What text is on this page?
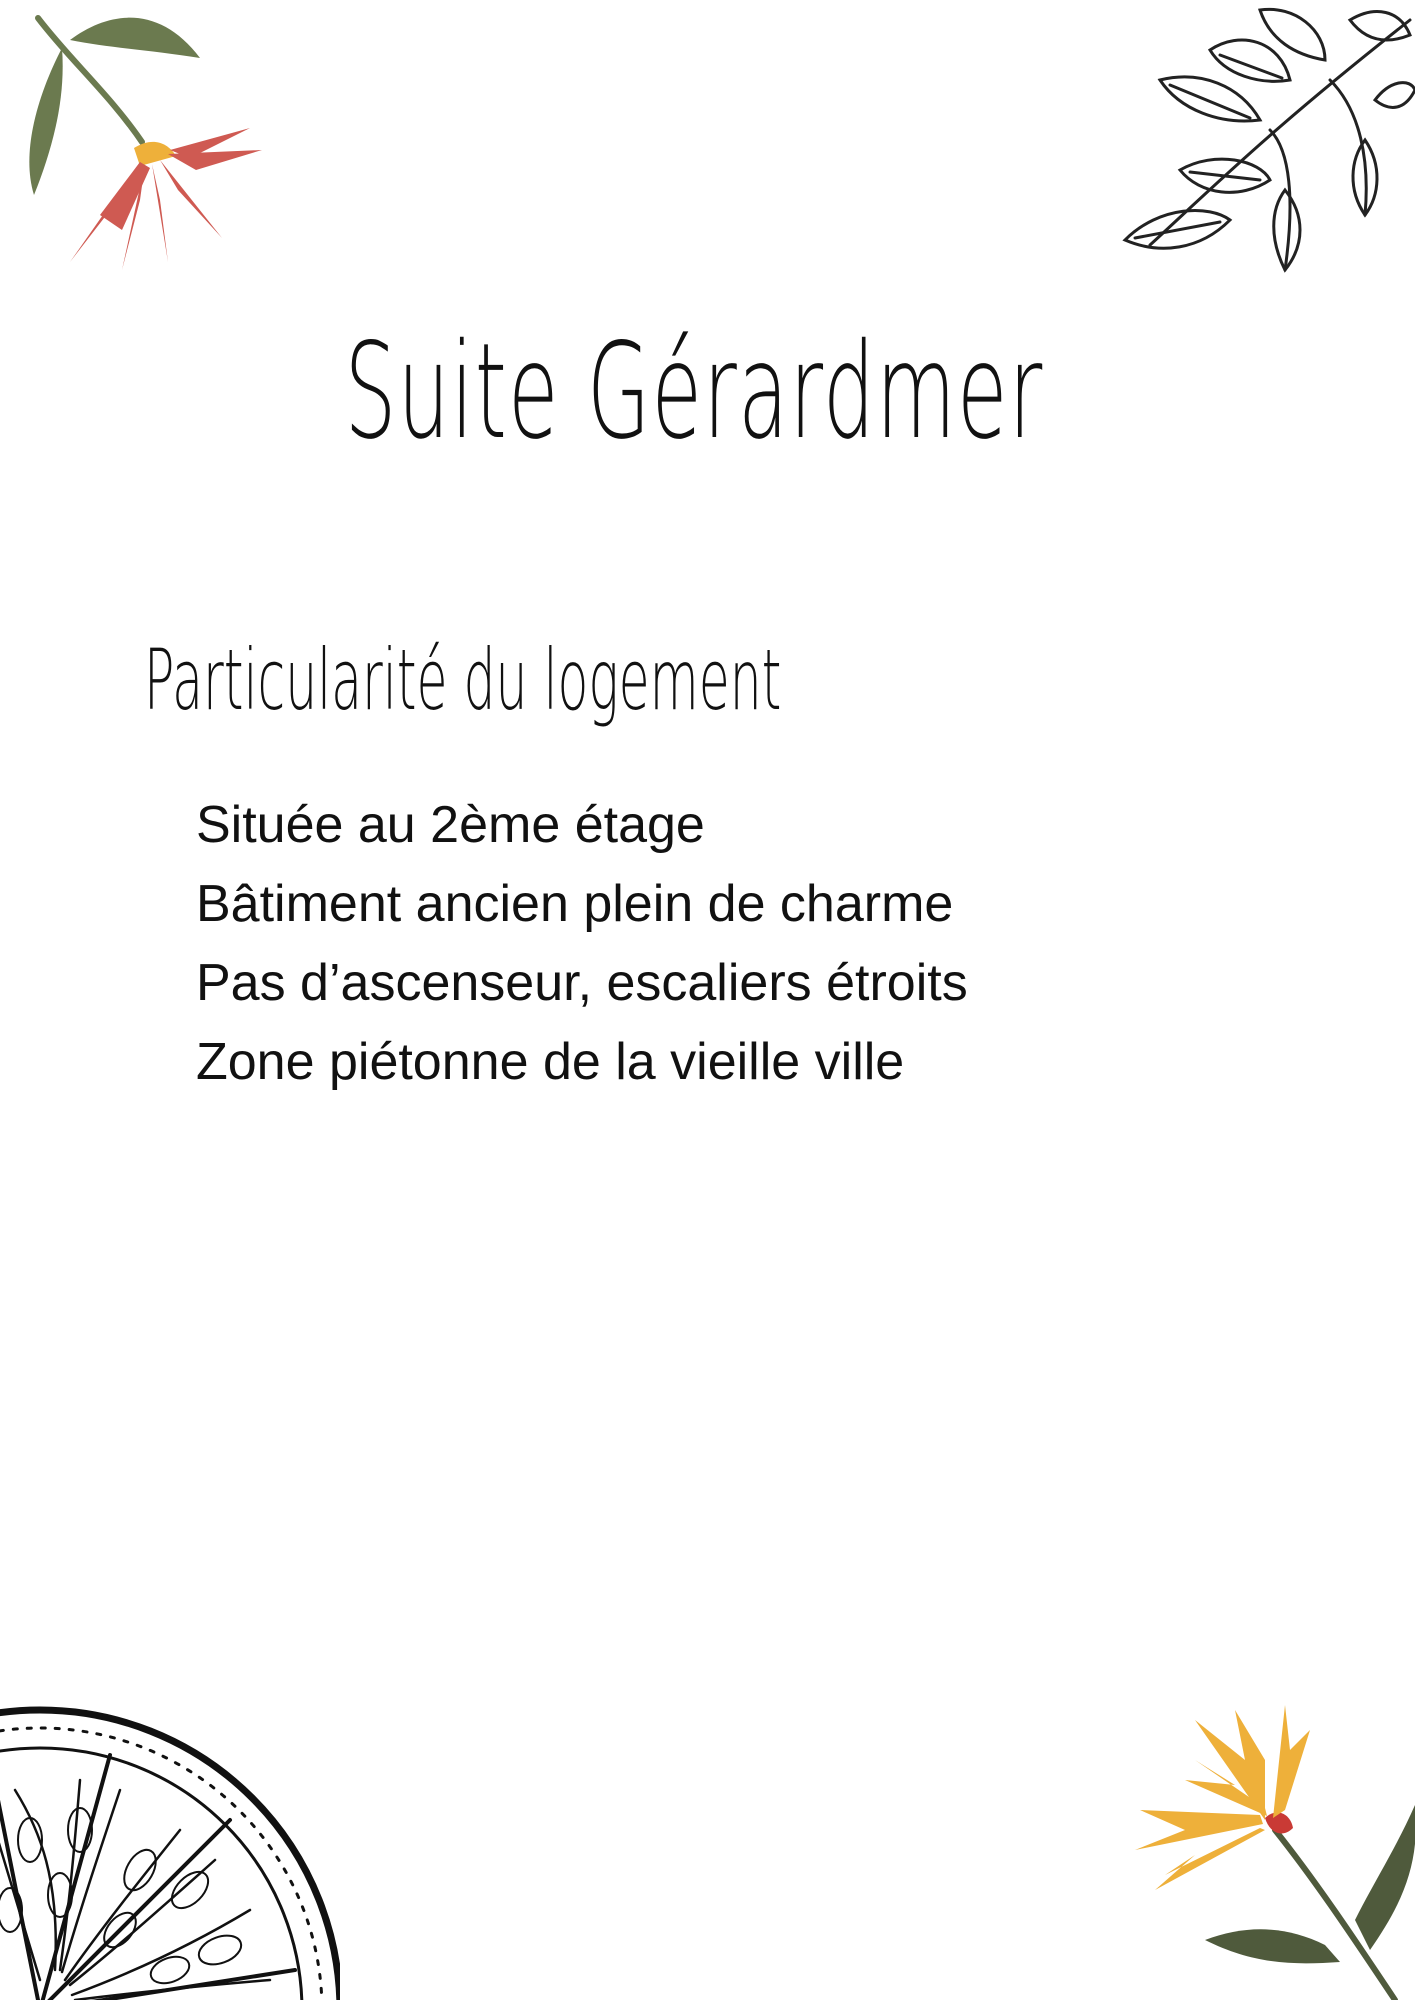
Suite Gérardmer
Particularité du logement
Située au 2ème étage
Bâtiment ancien plein de charme
Pas d’ascenseur, escaliers étroits
Zone piétonne de la vieille ville
